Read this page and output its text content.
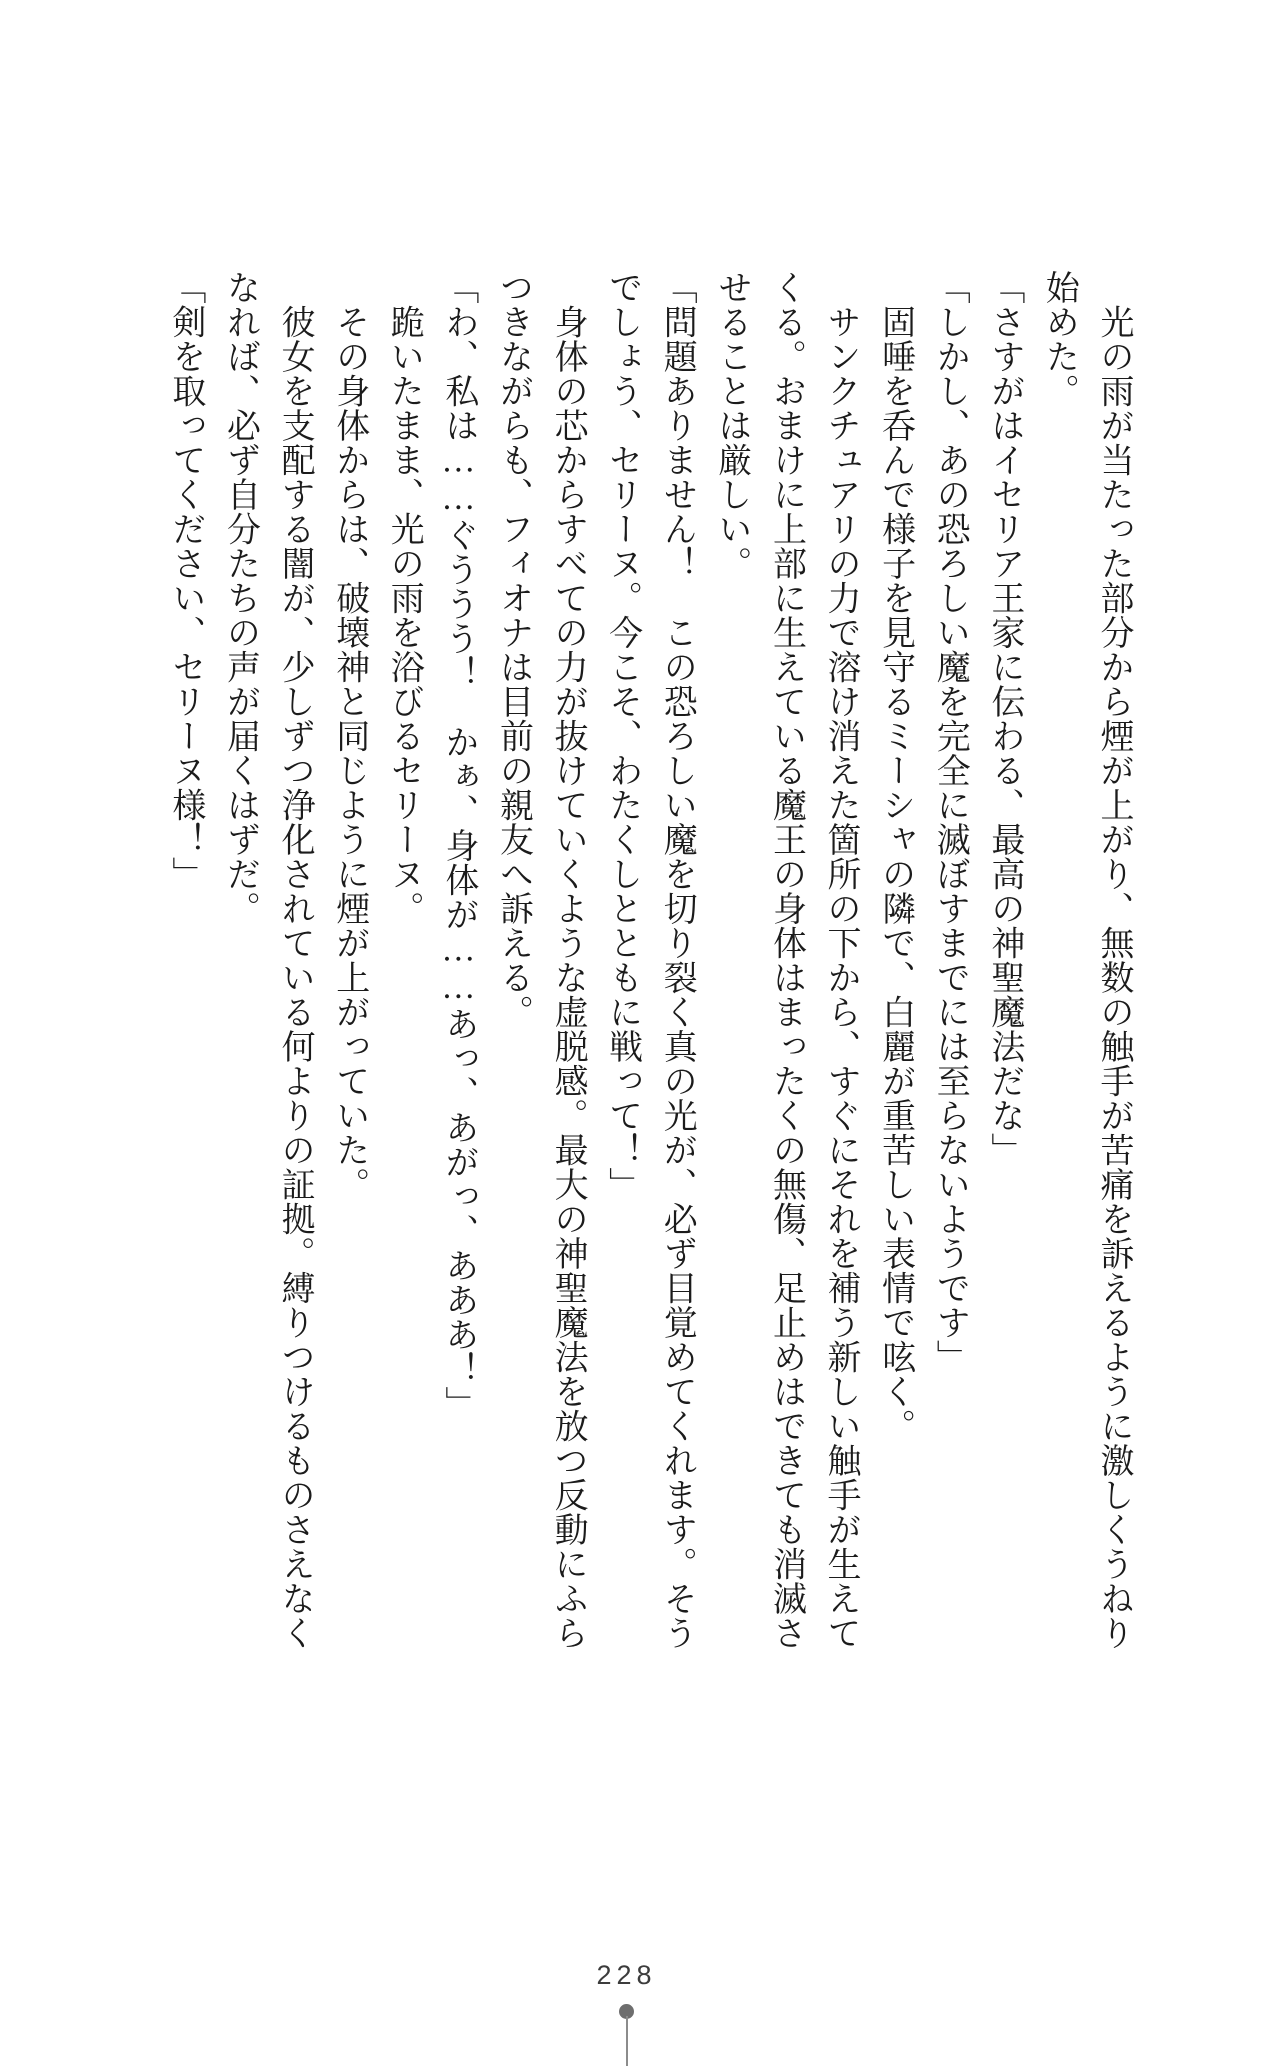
　光の雨が当たった部分から煙が上がり、無数の触手が苦痛を訴えるように激しくうねり

始めた。

「さすがはイセリア王家に伝わる、最高の神聖魔法だな」

「しかし、あの恐ろしい魔を完全に滅ぼすまでには至らないようです」

　固唾を呑んで様子を見守るミーシャの隣で、白麗が重苦しい表情で呟く。

　サンクチュアリの力で溶け消えた箇所の下から、すぐにそれを補う新しい触手が生えて

くる。おまけに上部に生えている魔王の身体はまったくの無傷、足止めはできても消滅さ

せることは厳しい。

「問題ありません！　この恐ろしい魔を切り裂く真の光が、必ず目覚めてくれます。そう

でしょう、セリーヌ。今こそ、わたくしとともに戦って！」

　身体の芯からすべての力が抜けていくような虚脱感。最大の神聖魔法を放つ反動にふら

つきながらも、フィオナは目前の親友へ訴える。

「わ、私は……ぐううう！　かぁ、身体が……あっ、あがっ、あああ！」

　跪いたまま、光の雨を浴びるセリーヌ。

　その身体からは、破壊神と同じように煙が上がっていた。

　彼女を支配する闇が、少しずつ浄化されている何よりの証拠。縛りつけるものさえなく

なれば、必ず自分たちの声が届くはずだ。

「剣を取ってください、セリーヌ様！」

228
